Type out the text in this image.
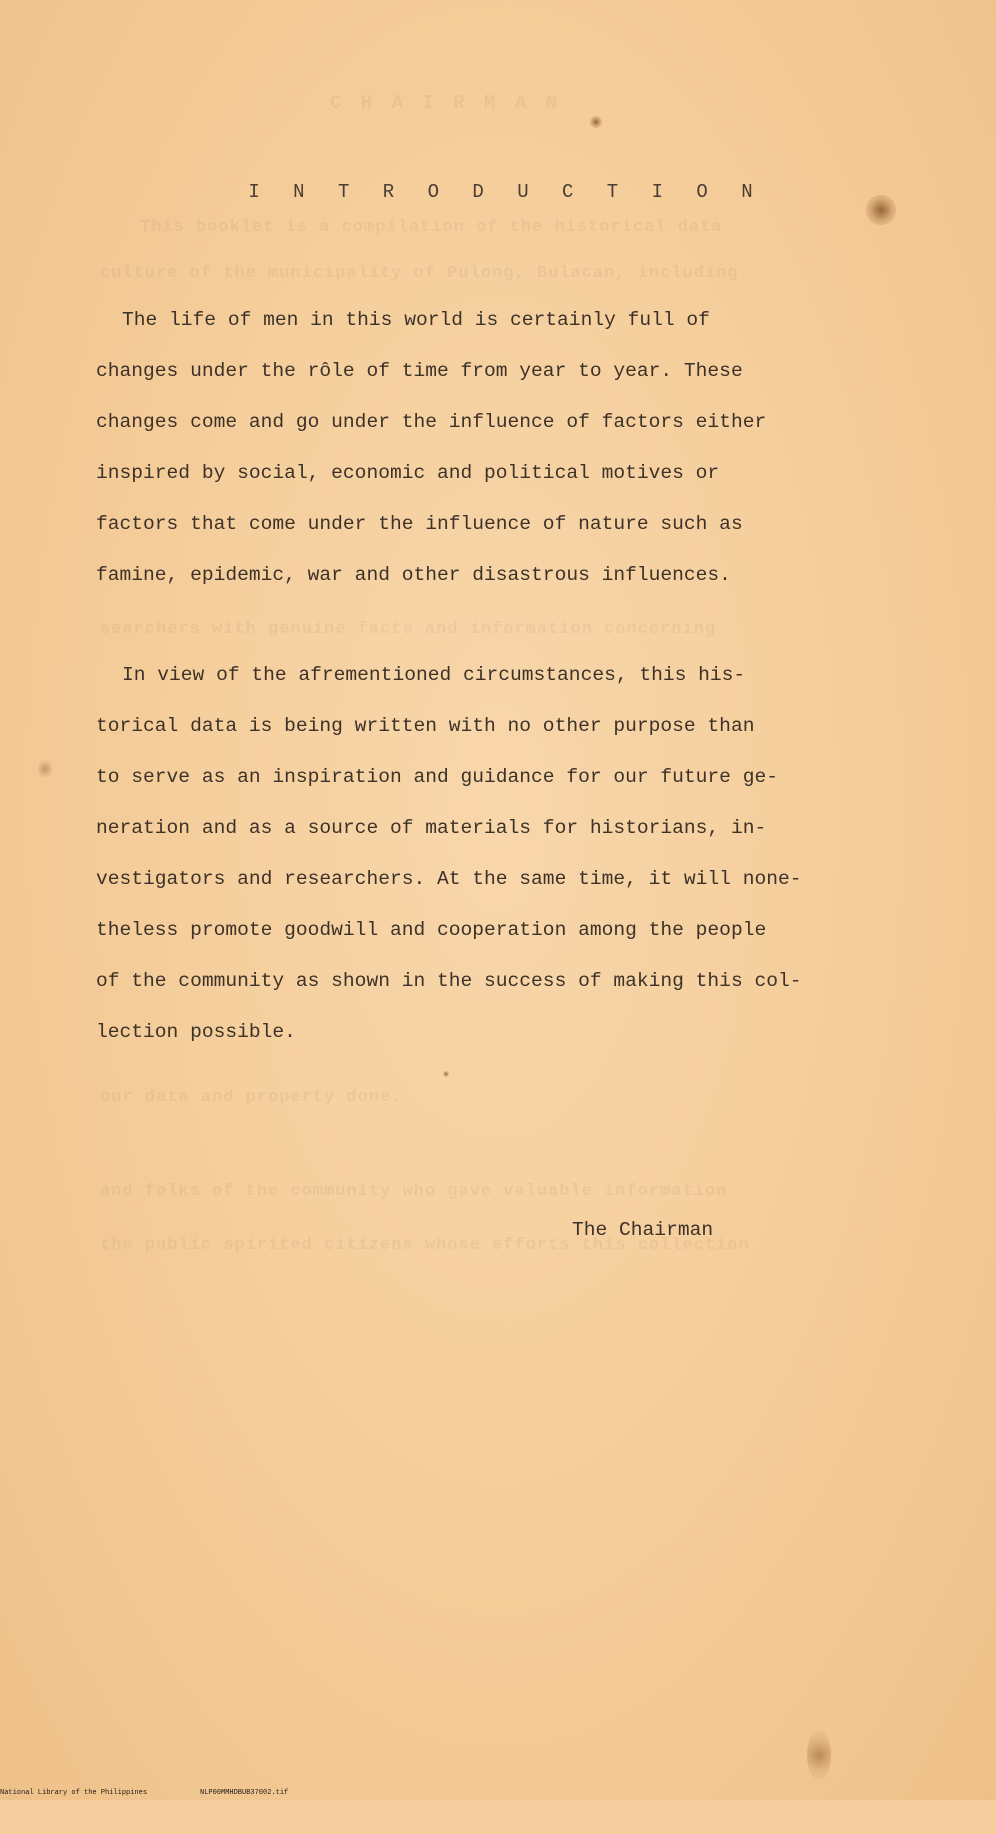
C H A I R M A N
This booklet is a compilation of the historical data
culture of the municipality of Pulong, Bulacan, including
searchers with genuine facts and information concerning
our data and property done.
and folks of the community who gave valuable information
the public spirited citizens whose efforts this collection
I N T R O D U C T I O N
The life of men in this world is certainly full of
changes under the rôle of time from year to year. These
changes come and go under the influence of factors either
inspired by social, economic and political motives or
factors that come under the influence of nature such as
famine, epidemic, war and other disastrous influences.
In view of the afrementioned circumstances, this his-
torical data is being written with no other purpose than
to serve as an inspiration and guidance for our future ge-
neration and as a source of materials for historians, in-
vestigators and researchers. At the same time, it will none-
theless promote goodwill and cooperation among the people
of the community as shown in the success of making this col-
lection possible.
The Chairman

National Library of the Philippines

	NLP00MMHDBUB37002.tif
